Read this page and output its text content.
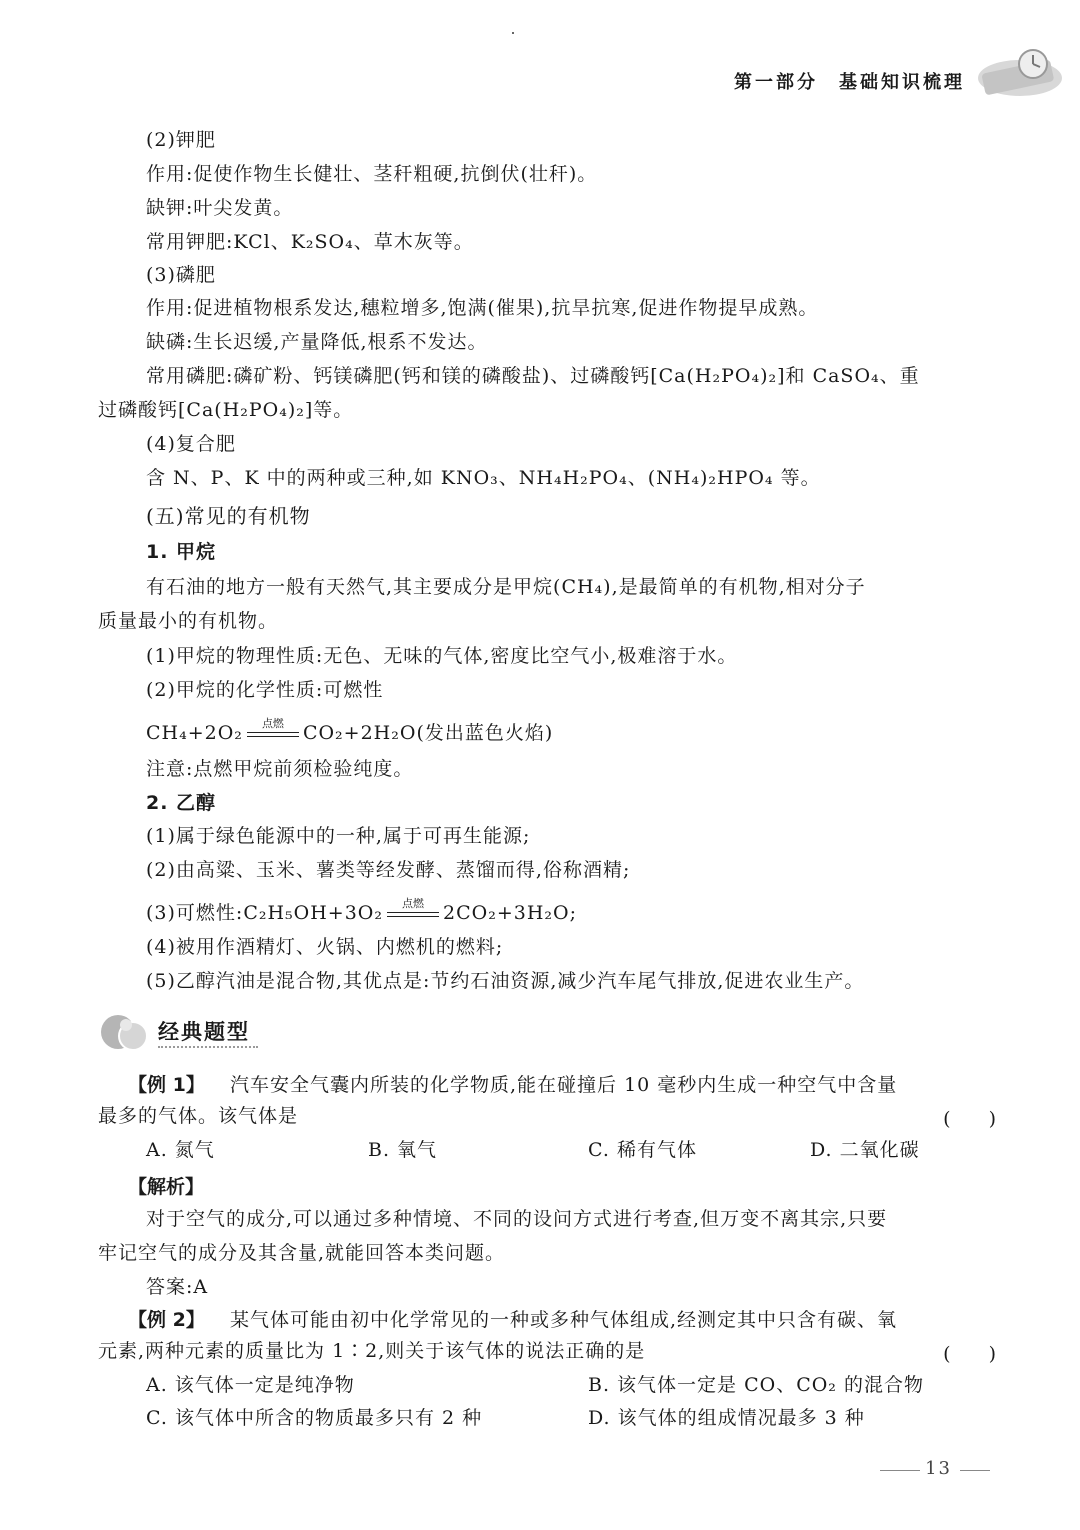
第一部分　基础知识梳理
(2)钾肥
作用:促使作物生长健壮、茎秆粗硬,抗倒伏(壮秆)。
缺钾:叶尖发黄。
常用钾肥:KCl、K₂SO₄、草木灰等。
(3)磷肥
作用:促进植物根系发达,穗粒增多,饱满(催果),抗旱抗寒,促进作物提早成熟。
缺磷:生长迟缓,产量降低,根系不发达。
常用磷肥:磷矿粉、钙镁磷肥(钙和镁的磷酸盐)、过磷酸钙[Ca(H₂PO₄)₂]和 CaSO₄、重
过磷酸钙[Ca(H₂PO₄)₂]等。
(4)复合肥
含 N、P、K 中的两种或三种,如 KNO₃、NH₄H₂PO₄、(NH₄)₂HPO₄ 等。
(五)常见的有机物
1. 甲烷
有石油的地方一般有天然气,其主要成分是甲烷(CH₄),是最简单的有机物,相对分子
质量最小的有机物。
(1)甲烷的物理性质:无色、无味的气体,密度比空气小,极难溶于水。
(2)甲烷的化学性质:可燃性
CH₄+2O₂	点燃	CO₂+2H₂O(发出蓝色火焰)
注意:点燃甲烷前须检验纯度。
2. 乙醇
(1)属于绿色能源中的一种,属于可再生能源;
(2)由高粱、玉米、薯类等经发酵、蒸馏而得,俗称酒精;
(3)可燃性:C₂H₅OH+3O₂	点燃	2CO₂+3H₂O;
(4)被用作酒精灯、火锅、内燃机的燃料;
(5)乙醇汽油是混合物,其优点是:节约石油资源,减少汽车尾气排放,促进农业生产。
经典题型
【例 1】 汽车安全气囊内所装的化学物质,能在碰撞后 10 毫秒内生成一种空气中含量
最多的气体。该气体是	(　　)
A. 氮气	B. 氧气	C. 稀有气体	D. 二氧化碳
【解析】
对于空气的成分,可以通过多种情境、不同的设问方式进行考查,但万变不离其宗,只要
牢记空气的成分及其含量,就能回答本类问题。
答案:A
【例 2】 某气体可能由初中化学常见的一种或多种气体组成,经测定其中只含有碳、氧
元素,两种元素的质量比为 1∶2,则关于该气体的说法正确的是	(　　)
A. 该气体一定是纯净物	B. 该气体一定是 CO、CO₂ 的混合物
C. 该气体中所含的物质最多只有 2 种	D. 该气体的组成情况最多 3 种
13
